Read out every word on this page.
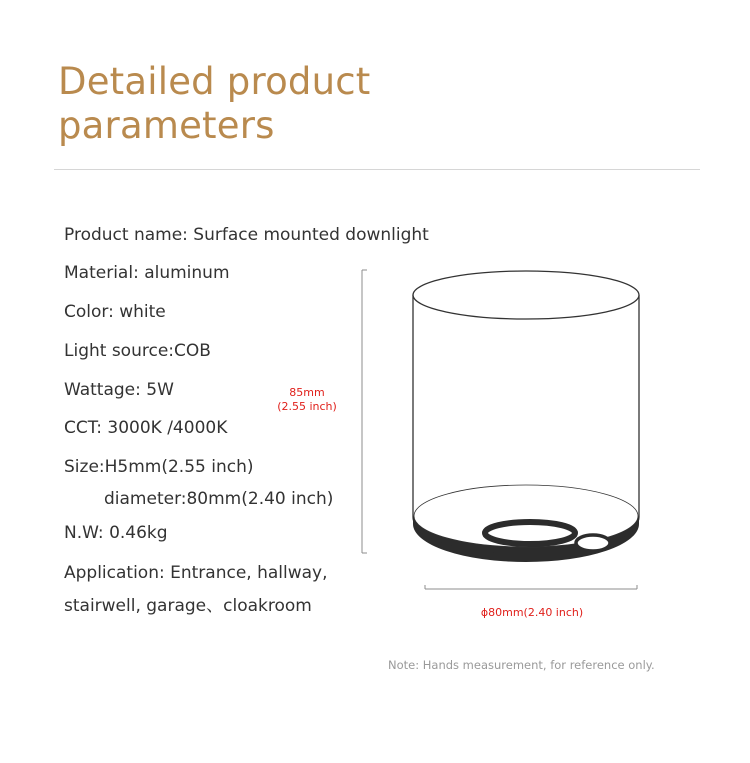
Detailed product
parameters
Product name: Surface mounted downlight
Material: aluminum
Color: white
Light source:COB
Wattage: 5W
CCT: 3000K /4000K
Size:H5mm(2.55 inch)
diameter:80mm(2.40 inch)
N.W: 0.46kg
Application: Entrance, hallway,
stairwell, garage、cloakroom
85mm
(2.55 inch)
ϕ80mm(2.40 inch)
Note: Hands measurement, for reference only.
